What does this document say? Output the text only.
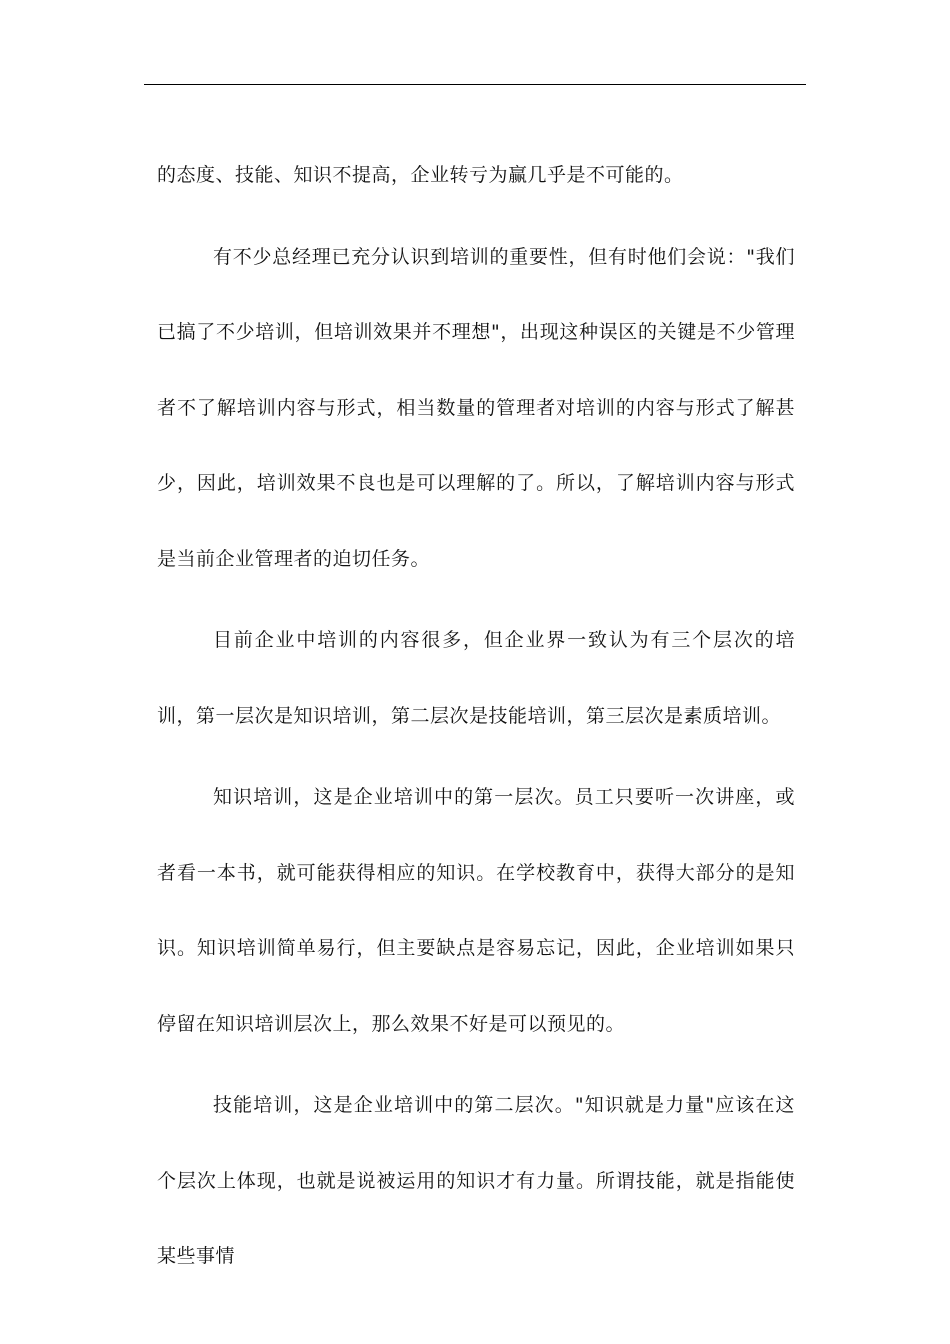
的态度、技能、知识不提高，企业转亏为赢几乎是不可能的。

有不少总经理已充分认识到培训的重要性，但有时他们会说："我们已搞了不少培训，但培训效果并不理想"，出现这种误区的关键是不少管理者不了解培训内容与形式，相当数量的管理者对培训的内容与形式了解甚少，因此，培训效果不良也是可以理解的了。所以，了解培训内容与形式是当前企业管理者的迫切任务。

目前企业中培训的内容很多，但企业界一致认为有三个层次的培训，第一层次是知识培训，第二层次是技能培训，第三层次是素质培训。

知识培训，这是企业培训中的第一层次。员工只要听一次讲座，或者看一本书，就可能获得相应的知识。在学校教育中，获得大部分的是知识。知识培训简单易行，但主要缺点是容易忘记，因此，企业培训如果只停留在知识培训层次上，那么效果不好是可以预见的。

技能培训，这是企业培训中的第二层次。"知识就是力量"应该在这个层次上体现，也就是说被运用的知识才有力量。所谓技能，就是指能使某些事情
